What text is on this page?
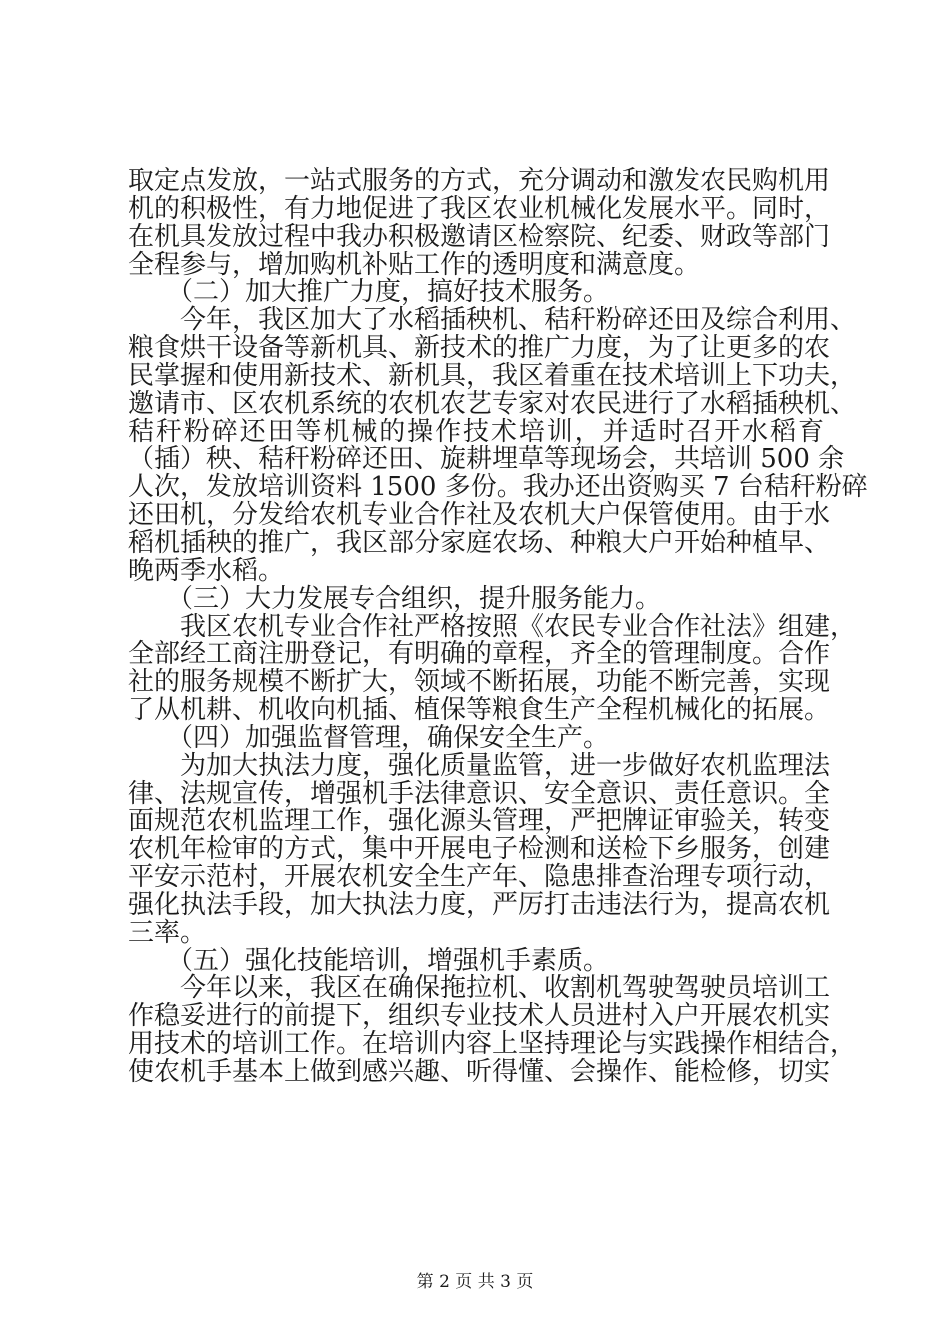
取定点发放，一站式服务的方式，充分调动和激发农民购机用
机的积极性，有力地促进了我区农业机械化发展水平。同时，
在机具发放过程中我办积极邀请区检察院、纪委、财政等部门
全程参与，增加购机补贴工作的透明度和满意度。
　　（二）加大推广力度，搞好技术服务。
　　今年，我区加大了水稻插秧机、秸秆粉碎还田及综合利用、
粮食烘干设备等新机具、新技术的推广力度，为了让更多的农
民掌握和使用新技术、新机具，我区着重在技术培训上下功夫，
邀请市、区农机系统的农机农艺专家对农民进行了水稻插秧机、
秸秆粉碎还田等机械的操作技术培训，并适时召开水稻育
（插）秧、秸秆粉碎还田、旋耕埋草等现场会，共培训 500 余
人次，发放培训资料 1500 多份。我办还出资购买 7 台秸秆粉碎
还田机，分发给农机专业合作社及农机大户保管使用。由于水
稻机插秧的推广，我区部分家庭农场、种粮大户开始种植早、
晚两季水稻。
　　（三）大力发展专合组织，提升服务能力。
　　我区农机专业合作社严格按照《农民专业合作社法》组建，
全部经工商注册登记，有明确的章程，齐全的管理制度。合作
社的服务规模不断扩大，领域不断拓展，功能不断完善，实现
了从机耕、机收向机插、植保等粮食生产全程机械化的拓展。
　　（四）加强监督管理，确保安全生产。
　　为加大执法力度，强化质量监管，进一步做好农机监理法
律、法规宣传，增强机手法律意识、安全意识、责任意识。全
面规范农机监理工作，强化源头管理，严把牌证审验关，转变
农机年检审的方式，集中开展电子检测和送检下乡服务，创建
平安示范村，开展农机安全生产年、隐患排查治理专项行动，
强化执法手段，加大执法力度，严厉打击违法行为，提高农机
三率。
　　（五）强化技能培训，增强机手素质。
　　今年以来，我区在确保拖拉机、收割机驾驶驾驶员培训工
作稳妥进行的前提下，组织专业技术人员进村入户开展农机实
用技术的培训工作。在培训内容上坚持理论与实践操作相结合，
使农机手基本上做到感兴趣、听得懂、会操作、能检修，切实
第 2 页 共 3 页
